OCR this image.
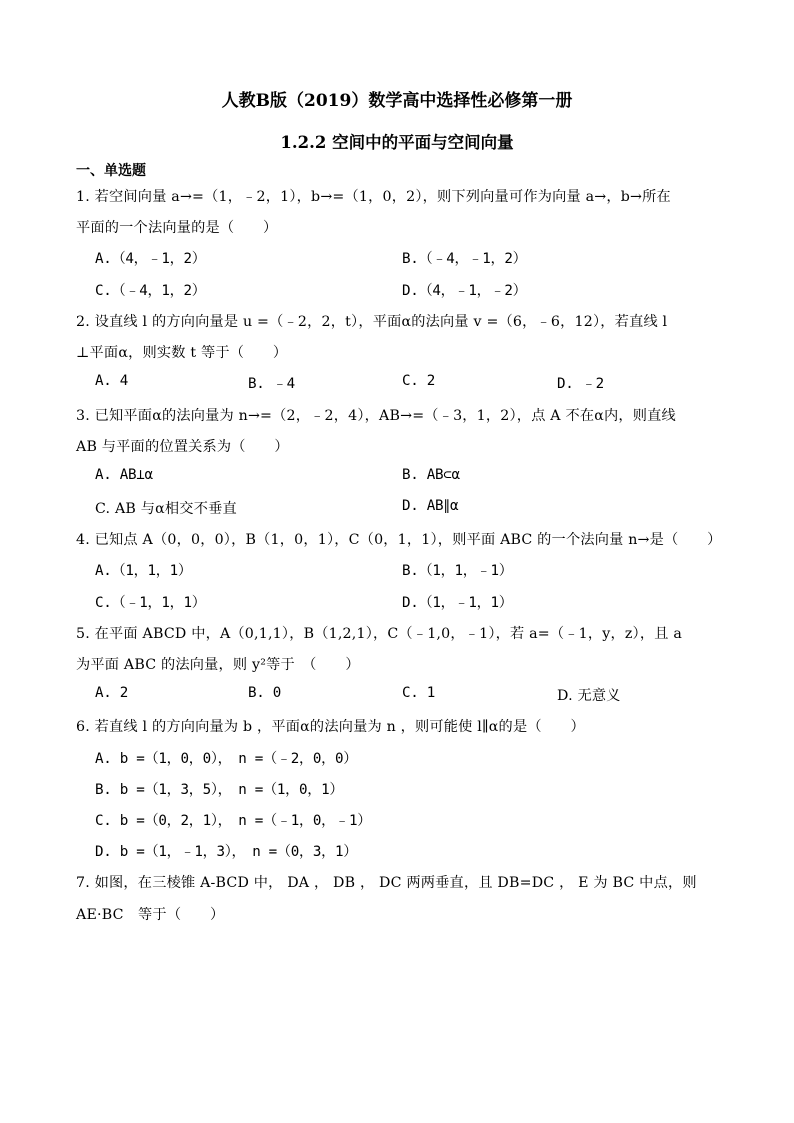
人教B版（2019）数学高中选择性必修第一册
1.2.2 空间中的平面与空间向量
一、单选题
1. 若空间向量 a→=（1，﹣2，1），b→=（1，0，2），则下列向量可作为向量 a→，b→所在
平面的一个法向量的是（　　）
A.（4，﹣1，2）	B.（﹣4，﹣1，2）
C.（﹣4，1，2）	D.（4，﹣1，﹣2）
2. 设直线 l 的方向向量是 u =（﹣2，2，t），平面α的法向量 v =（6，﹣6，12），若直线 l
⊥平面α，则实数 t 等于（　　）
A. 4	B. ﹣4	C. 2	D. ﹣2
3. 已知平面α的法向量为 n→=（2，﹣2，4），AB→=（﹣3，1，2），点 A 不在α内，则直线
AB 与平面的位置关系为（　　）
A. AB⊥α	B. AB⊂α
C. AB 与α相交不垂直	D. AB∥α
4. 已知点 A（0，0，0），B（1，0，1），C（0，1，1），则平面 ABC 的一个法向量 n→是（　　）
A.（1，1，1）	B.（1，1，﹣1）
C.（﹣1，1，1）	D.（1，﹣1，1）
5. 在平面 ABCD 中，A（0,1,1），B（1,2,1），C（﹣1,0，﹣1），若 a=（﹣1，y，z），且 a
为平面 ABC 的法向量，则 y²等于　（　　）
A. 2	B. 0	C. 1	D. 无意义
6. 若直线 l 的方向向量为 b ，平面α的法向量为 n ，则可能使 l∥α的是（　　）
A. b =（1，0，0），　n =（﹣2，0，0）
B. b =（1，3，5），　n =（1，0，1）
C. b =（0，2，1），　n =（﹣1，0，﹣1）
D. b =（1，﹣1，3），　n =（0，3，1）
7. 如图，在三棱锥 A-BCD 中， DA ， DB ， DC 两两垂直，且 DB=DC ， E 为 BC 中点，则
AE·BC　等于（　　）
